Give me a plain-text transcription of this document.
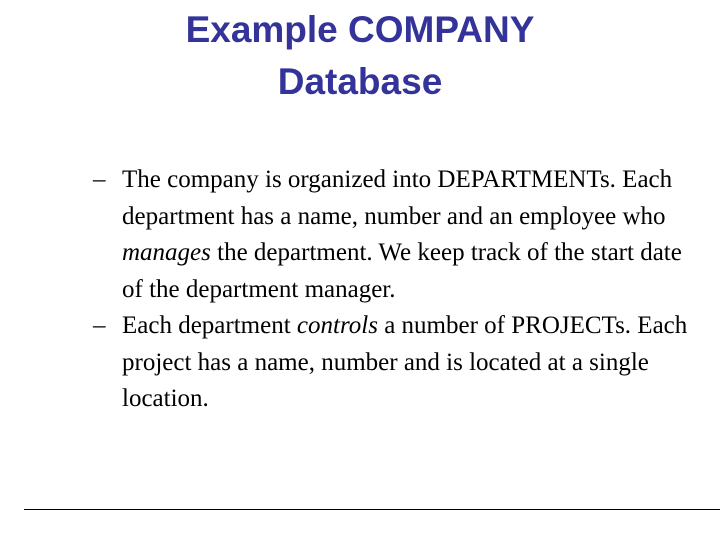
Example COMPANY
Database
– The company is organized into DEPARTMENTs. Each department has a name, number and an employee who manages the department. We keep track of the start date of the department manager.
– Each department controls a number of PROJECTs. Each project has a name, number and is located at a single location.
